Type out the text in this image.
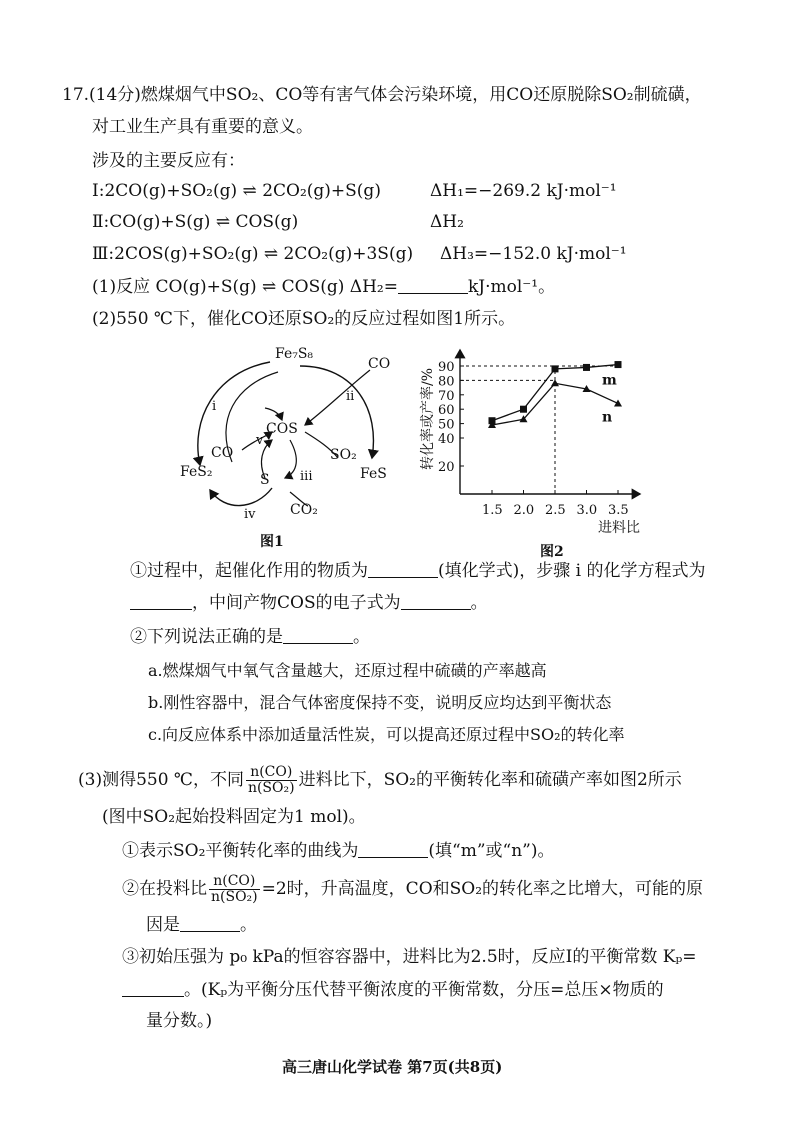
17.(14分)燃煤烟气中SO₂、CO等有害气体会污染环境，用CO还原脱除SO₂制硫磺，
对工业生产具有重要的意义。
涉及的主要反应有：
Ⅰ:2CO(g)+SO₂(g) ⇌ 2CO₂(g)+S(g)	ΔH₁=−269.2 kJ·mol⁻¹
Ⅱ:CO(g)+S(g) ⇌ COS(g)	ΔH₂
Ⅲ:2COS(g)+SO₂(g) ⇌ 2CO₂(g)+3S(g) ΔH₃=−152.0 kJ·mol⁻¹
(1)反应 CO(g)+S(g) ⇌ COS(g) ΔH₂=	kJ·mol⁻¹。
(2)550 ℃下，催化CO还原SO₂的反应过程如图1所示。
Fe₇S₈
CO
ii
i
COS
CO
v
SO₂
FeS₂	S iii	FeS
iv CO₂
图1
转化率或产率/%
进料比
图2
1.5 2.0 2.5 3.0 3.5
20
40
50
60
70
80
90
m
n
①过程中，起催化作用的物质为	(填化学式)，步骤 i 的化学方程式为
，中间产物COS的电子式为	。
②下列说法正确的是	。
a.燃煤烟气中氧气含量越大，还原过程中硫磺的产率越高
b.刚性容器中，混合气体密度保持不变，说明反应均达到平衡状态
c.向反应体系中添加适量活性炭，可以提高还原过程中SO₂的转化率
(3)测得550 ℃，不同 $\frac{n(CO)}{\text{n(SO₂)}}$ 进料比下，SO₂的平衡转化率和硫磺产率如图2所示
(图中SO₂起始投料固定为1 mol)。
①表示SO₂平衡转化率的曲线为	(填“m”或“n”)。
②在投料比 $\frac{n(CO)}{\text{n(SO₂)}} =2$时，升高温度，CO和SO₂的转化率之比增大，可能的原
因是	。
③初始压强为 p₀ kPa的恒容容器中，进料比为2.5时，反应Ⅰ的平衡常数 Kₚ=
。(Kₚ为平衡分压代替平衡浓度的平衡常数，分压=总压×物质的
量分数。)
高三唐山化学试卷 第7页(共8页)
